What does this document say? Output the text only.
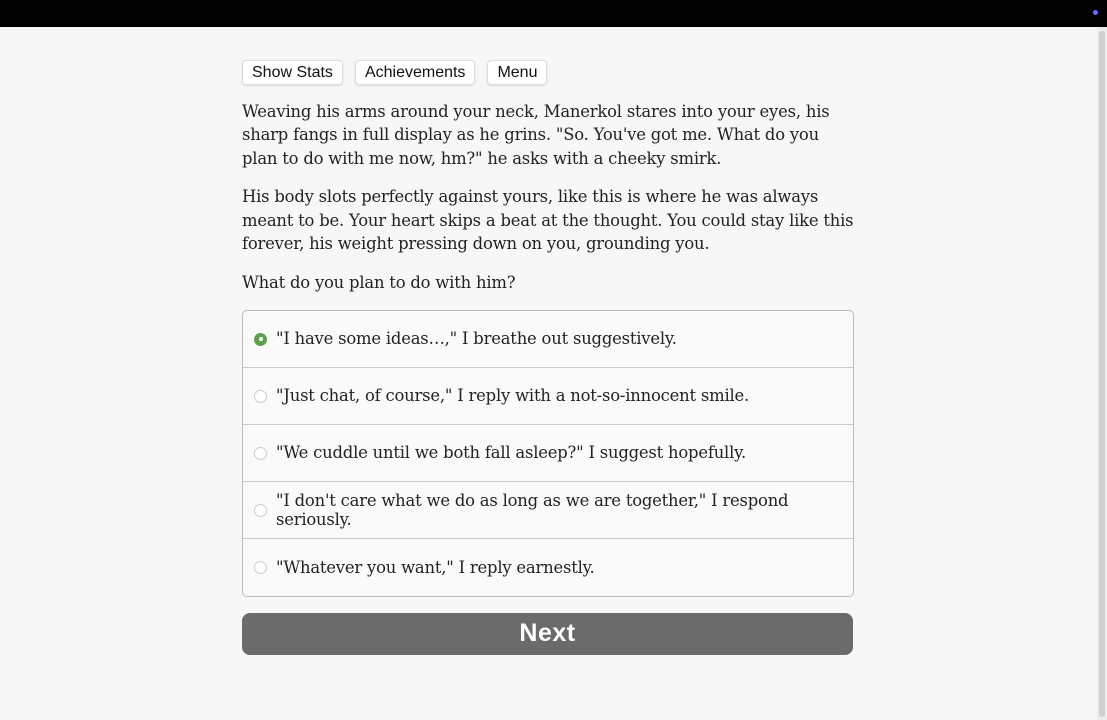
Show Stats	Achievements	Menu

Weaving his arms around your neck, Manerkol stares into your eyes, his sharp fangs in full display as he grins. "So. You've got me. What do you plan to do with me now, hm?" he asks with a cheeky smirk.

His body slots perfectly against yours, like this is where he was always meant to be. Your heart skips a beat at the thought. You could stay like this forever, his weight pressing down on you, grounding you.

What do you plan to do with him?

"I have some ideas…," I breathe out suggestively.
"Just chat, of course," I reply with a not-so-innocent smile.
"We cuddle until we both fall asleep?" I suggest hopefully.
"I don't care what we do as long as we are together," I respond seriously.
"Whatever you want," I reply earnestly.
Next
